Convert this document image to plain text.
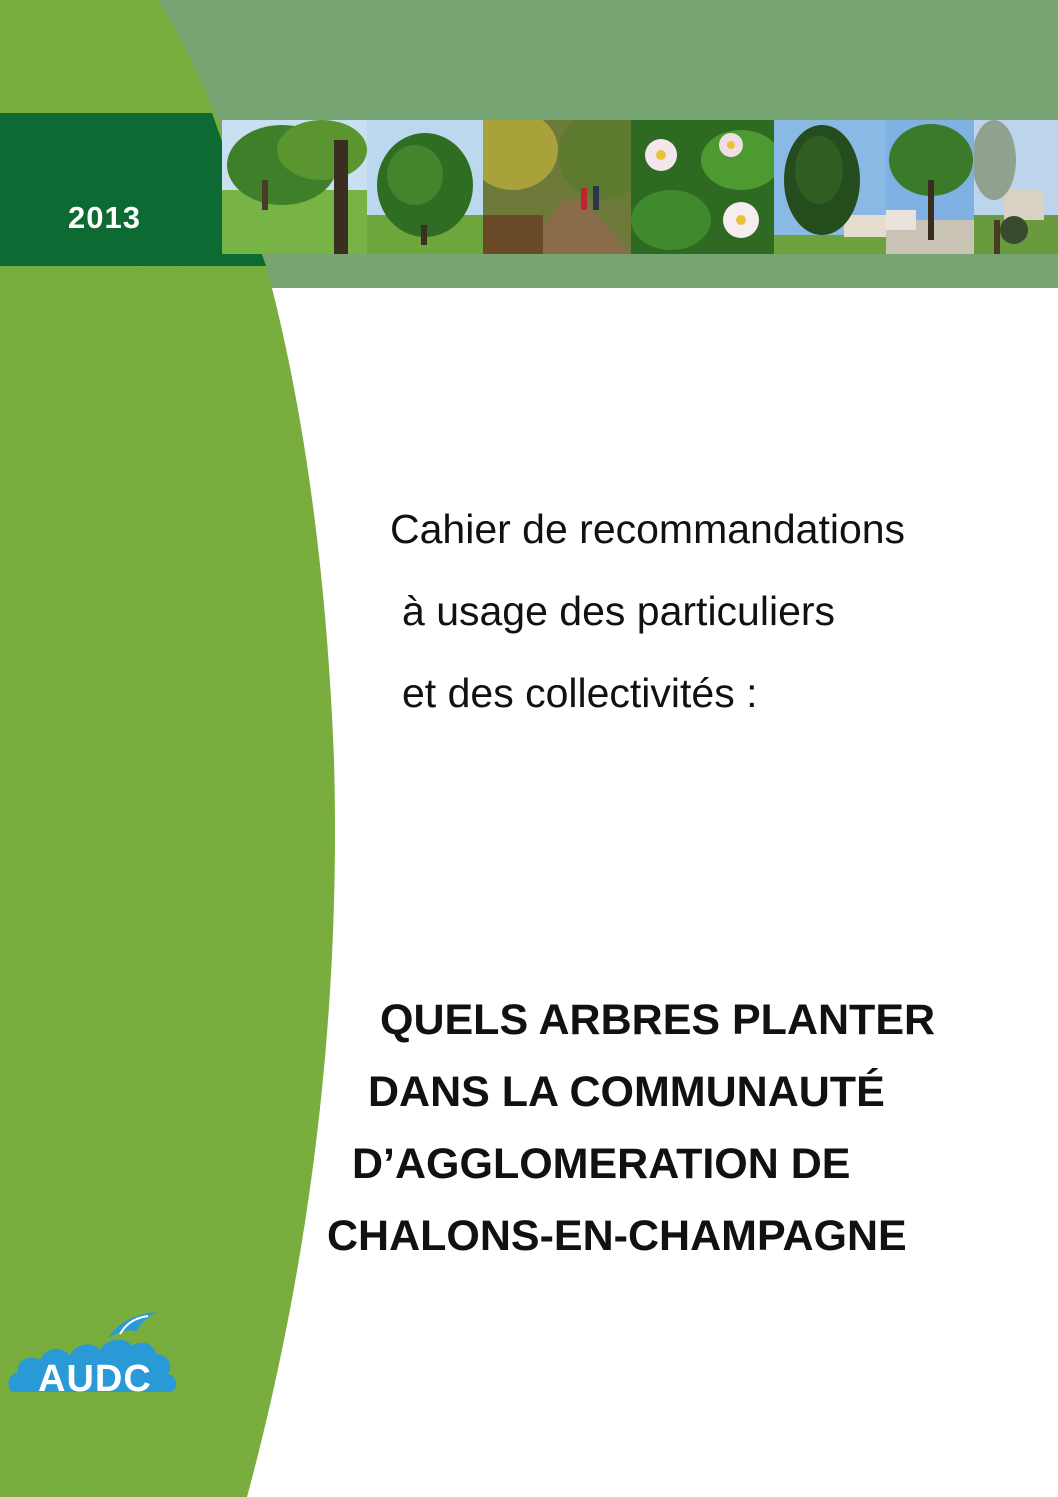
2013
Cahier de recommandations
à usage des particuliers
et des collectivités :
QUELS ARBRES PLANTER
DANS LA COMMUNAUTÉ
D’AGGLOMERATION DE
CHALONS-EN-CHAMPAGNE
AUDC
